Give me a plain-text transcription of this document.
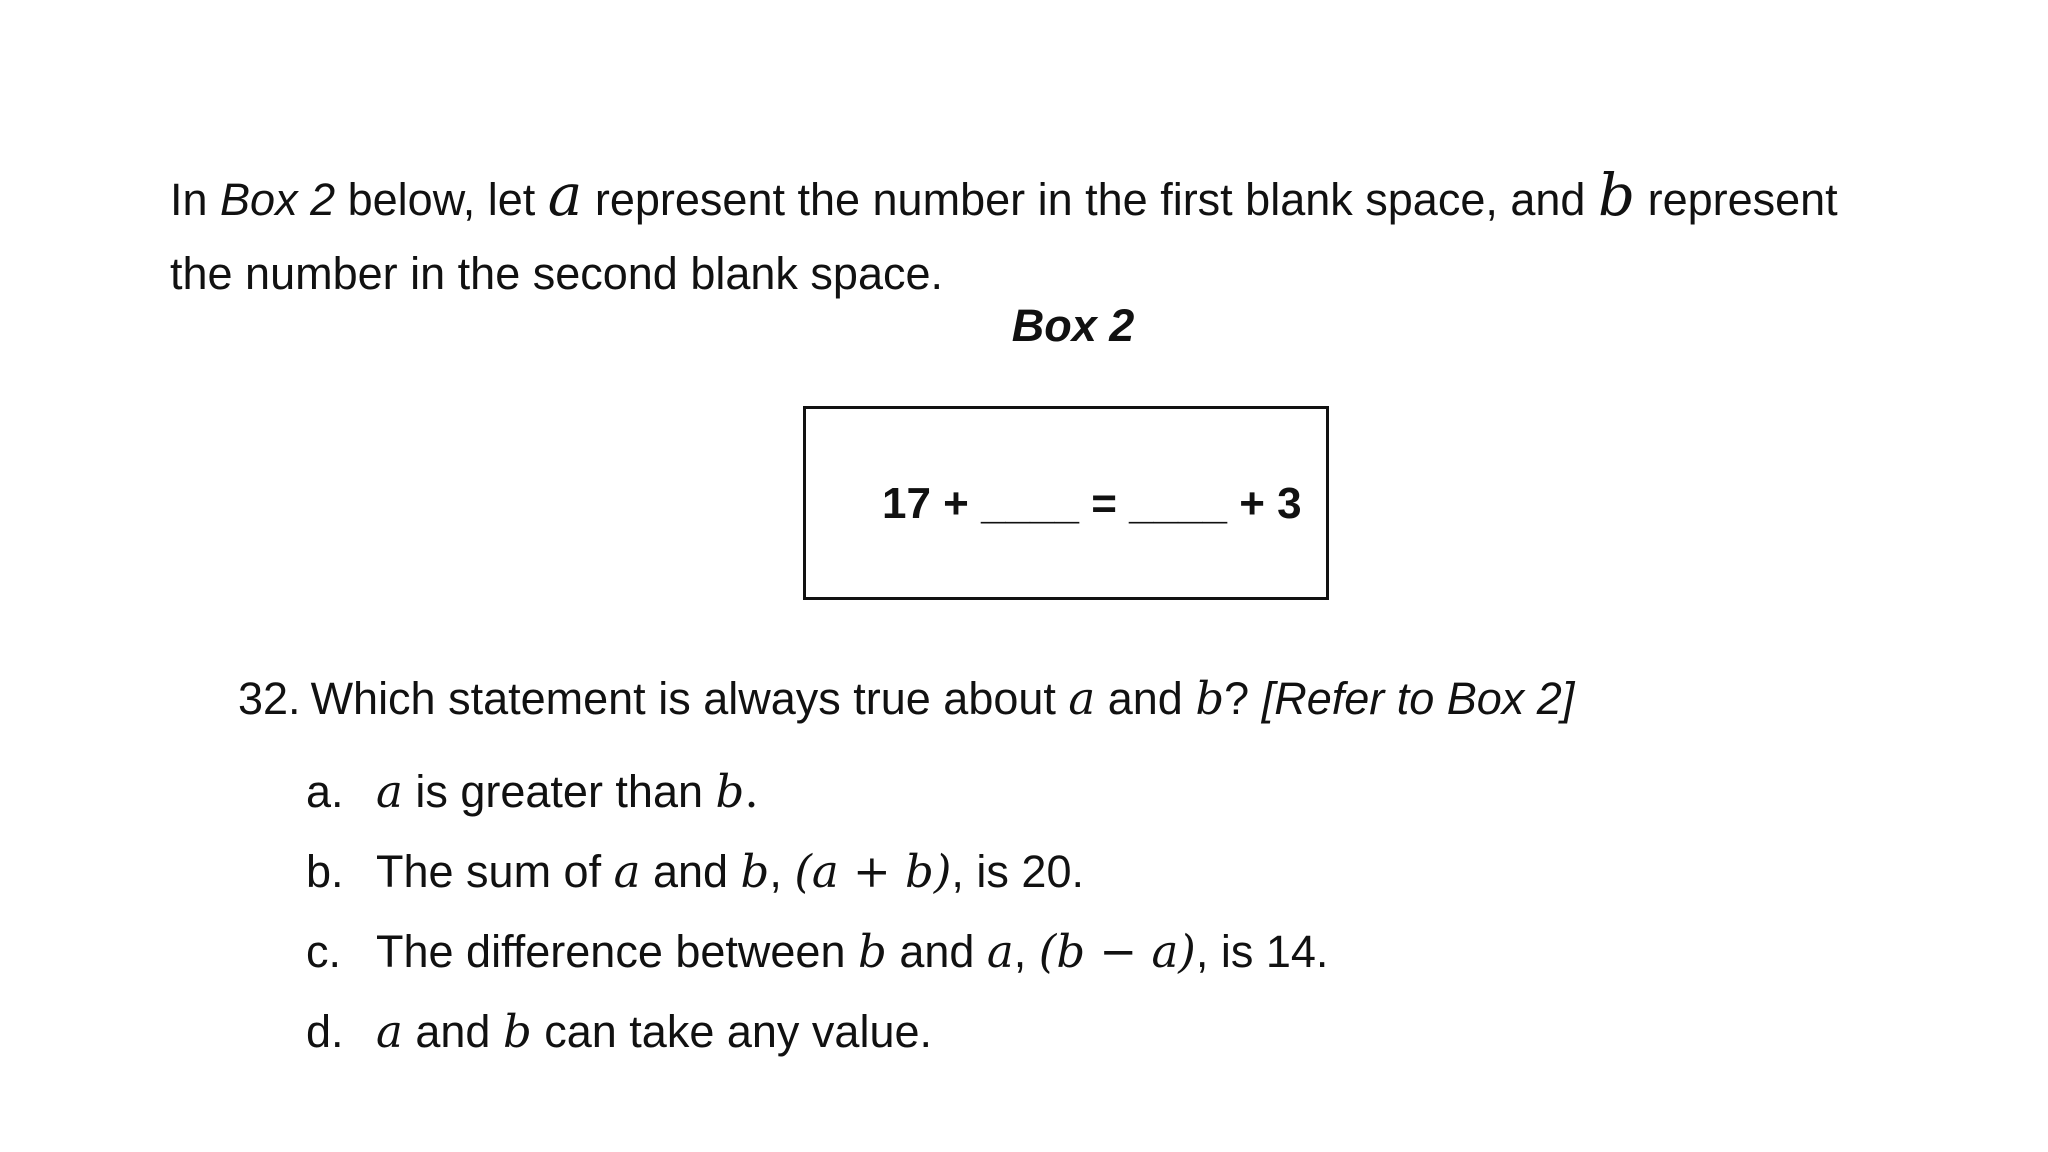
In Box 2 below, let a represent the number in the first blank space, and b represent
the number in the second blank space.
Box 2
17 + ____ = ____ + 3
32. Which statement is always true about a and b? [Refer to Box 2]
a. a is greater than b.
b. The sum of a and b, (a + b), is 20.
c. The difference between b and a, (b − a), is 14.
d. a and b can take any value.
